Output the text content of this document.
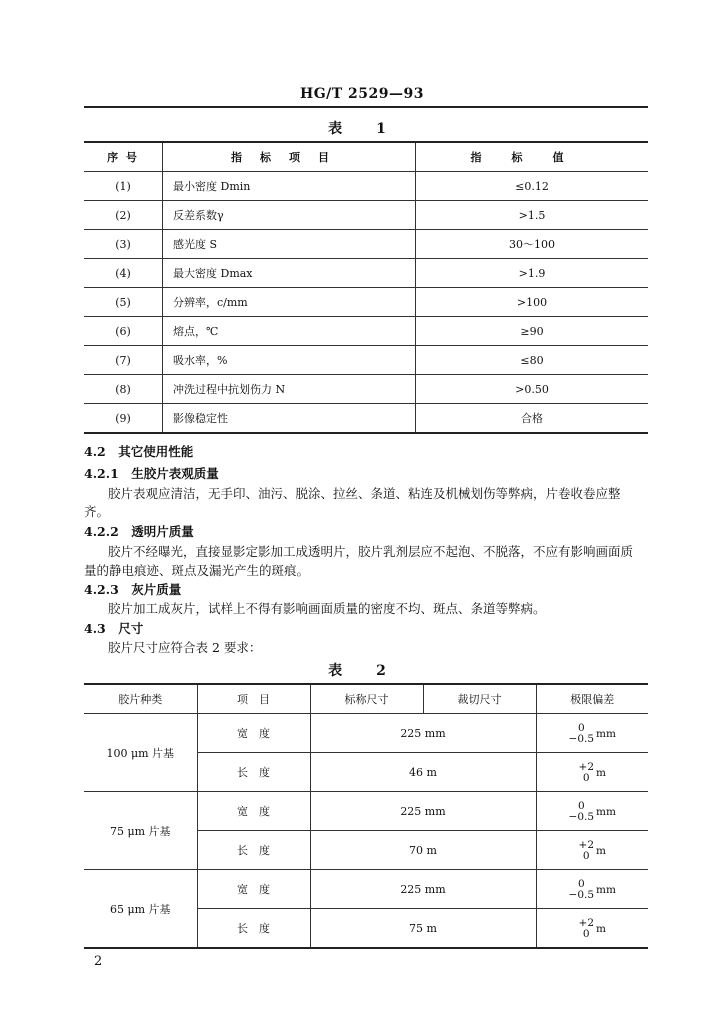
HG/T 2529—93
表　1
序 号	指标项目	指标值
(1)	最小密度 Dmin	≤0.12
(2)	反差系数γ	>1.5
(3)	感光度 S	30～100
(4)	最大密度 Dmax	>1.9
(5)	分辨率，c/mm	>100
(6)	熔点，℃	≥90
(7)	吸水率，%	≤80
(8)	冲洗过程中抗划伤力 N	>0.50
(9)	影像稳定性	合格
4.2　其它使用性能
4.2.1　生胶片表观质量
胶片表观应清洁，无手印、油污、脱涂、拉丝、条道、粘连及机械划伤等弊病，片卷收卷应整
齐。
4.2.2　透明片质量
胶片不经曝光，直接显影定影加工成透明片，胶片乳剂层应不起泡、不脱落，不应有影响画面质
量的静电痕迹、斑点及漏光产生的斑痕。
4.2.3　灰片质量
胶片加工成灰片，试样上不得有影响画面质量的密度不均、斑点、条道等弊病。
4.3　尺寸
胶片尺寸应符合表 2 要求：
表　2
胶片种类	项　目	标称尺寸	裁切尺寸	极限偏差
100 μm 片基	宽　度	225 mm		0
−0.5 mm

	长　度	46 m		+2
0 m

75 μm 片基	宽　度	225 mm		0
−0.5 mm

	长　度	70 m		+2
0 m

65 μm 片基	宽　度	225 mm		0
−0.5 mm

	长　度	75 m		+2
0 m
2
